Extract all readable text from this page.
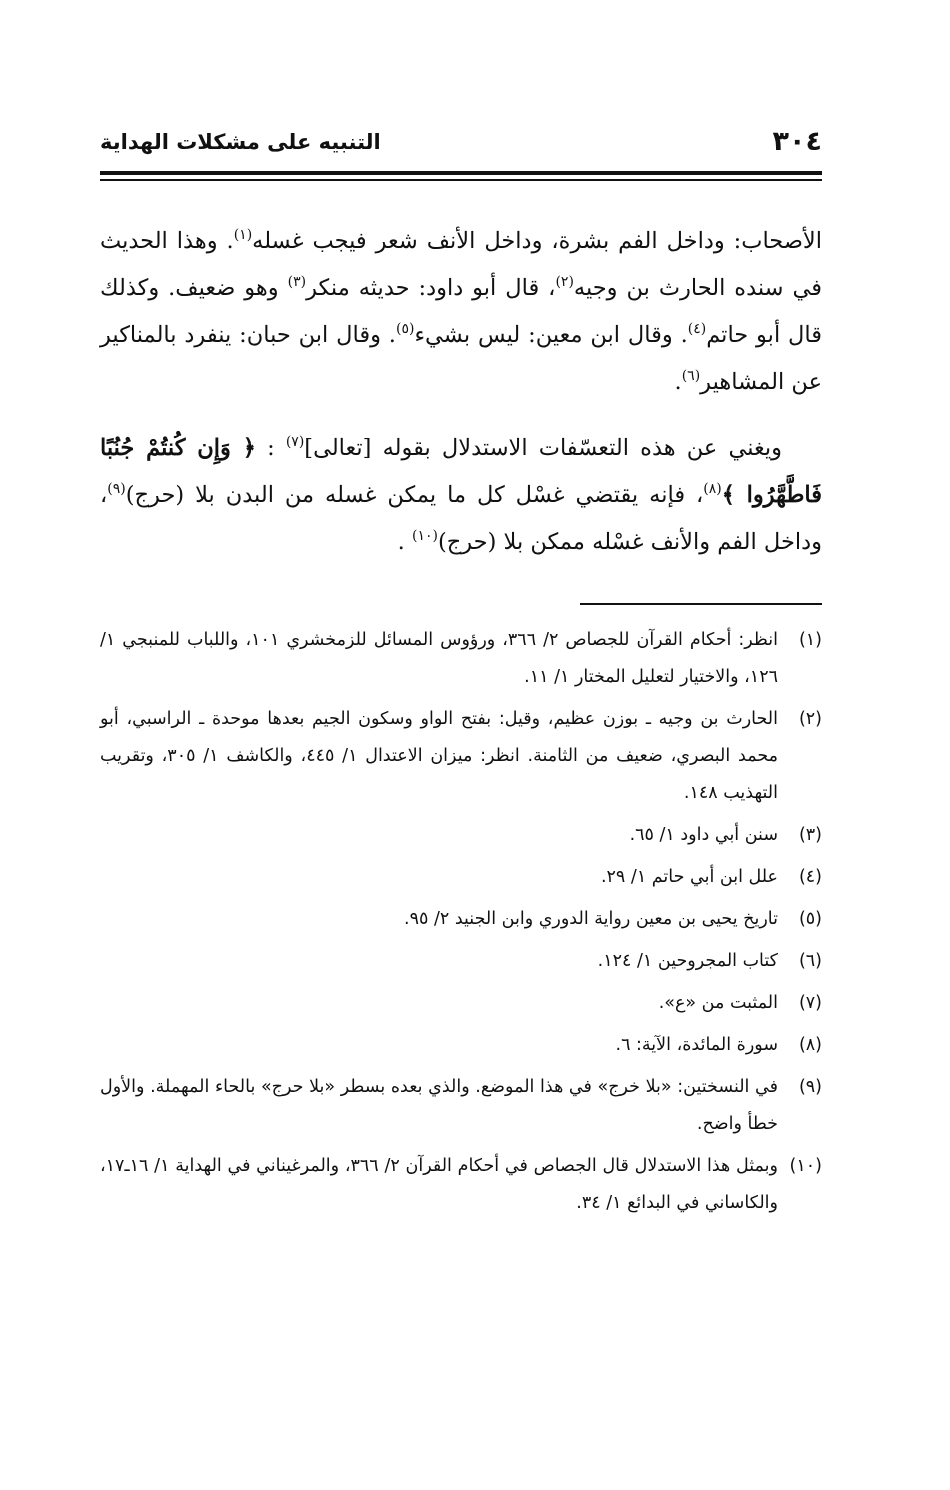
٣٠٤
التنبيه على مشكلات الهداية

الأصحاب: وداخل الفم بشرة، وداخل الأنف شعر فيجب غسله$^{(١)}$. وهذا الحديث في سنده الحارث بن وجيه$^{(٢)}$، قال أبو داود: حديثه منكر$^{(٣)}$ وهو ضعيف. وكذلك قال أبو حاتم$^{(٤)}$. وقال ابن معين: ليس بشيء$^{(٥)}$. وقال ابن حبان: ينفرد بالمناكير عن المشاهير$^{(٦)}$.

ويغني عن هذه التعسّفات الاستدلال بقوله [تعالى]$^{(٧)}$ : ﴿ وَإِن كُنتُمْ جُنُبًا فَاطَّهَّرُوا ﴾$^{(٨)}$، فإنه يقتضي غسْل كل ما يمكن غسله من البدن بلا (حرج)$^{(٩)}$، وداخل الفم والأنف غسْله ممكن بلا (حرج)$^{(١٠)}$ .

(١)
انظر: أحكام القرآن للجصاص ٢/ ٣٦٦، ورؤوس المسائل للزمخشري ١٠١، واللباب للمنبجي ١/ ١٢٦، والاختيار لتعليل المختار ١/ ١١.
(٢)
الحارث بن وجيه ـ بوزن عظيم، وقيل: بفتح الواو وسكون الجيم بعدها موحدة ـ الراسبي، أبو محمد البصري، ضعيف من الثامنة. انظر: ميزان الاعتدال ١/ ٤٤٥، والكاشف ١/ ٣٠٥، وتقريب التهذيب ١٤٨.
(٣)
سنن أبي داود ١/ ٦٥.
(٤)
علل ابن أبي حاتم ١/ ٢٩.
(٥)
تاريخ يحيى بن معين رواية الدوري وابن الجنيد ٢/ ٩٥.
(٦)
كتاب المجروحين ١/ ١٢٤.
(٧)
المثبت من «ع».
(٨)
سورة المائدة، الآية: ٦.
(٩)
في النسختين: «بلا خرج» في هذا الموضع. والذي بعده بسطر «بلا حرج» بالحاء المهملة. والأول خطأ واضح.
(١٠)
وبمثل هذا الاستدلال قال الجصاص في أحكام القرآن ٢/ ٣٦٦، والمرغيناني في الهداية ١/ ١٦ـ١٧، والكاساني في البدائع ١/ ٣٤.
